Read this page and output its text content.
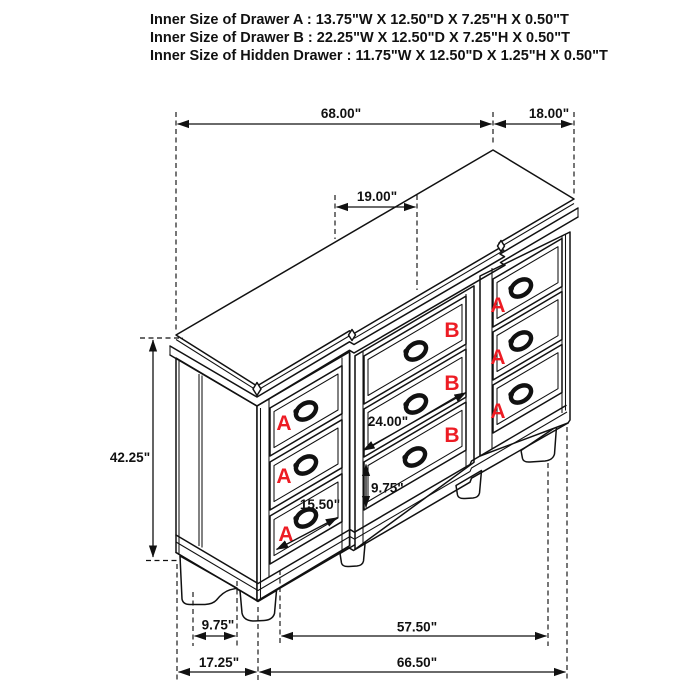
Inner Size of Drawer A : 13.75"W X 12.50"D X 7.25"H X 0.50"T
Inner Size of Drawer B : 22.25"W X 12.50"D X 7.25"H X 0.50"T
Inner Size of Hidden Drawer : 11.75"W X 12.50"D X 1.25"H X 0.50"T
A
A
A
B
B
B
A
A
A
68.00"	18.00"
19.00"
42.25"
24.00"
9.75"
15.50"
9.75"	57.50"
17.25"	66.50"
